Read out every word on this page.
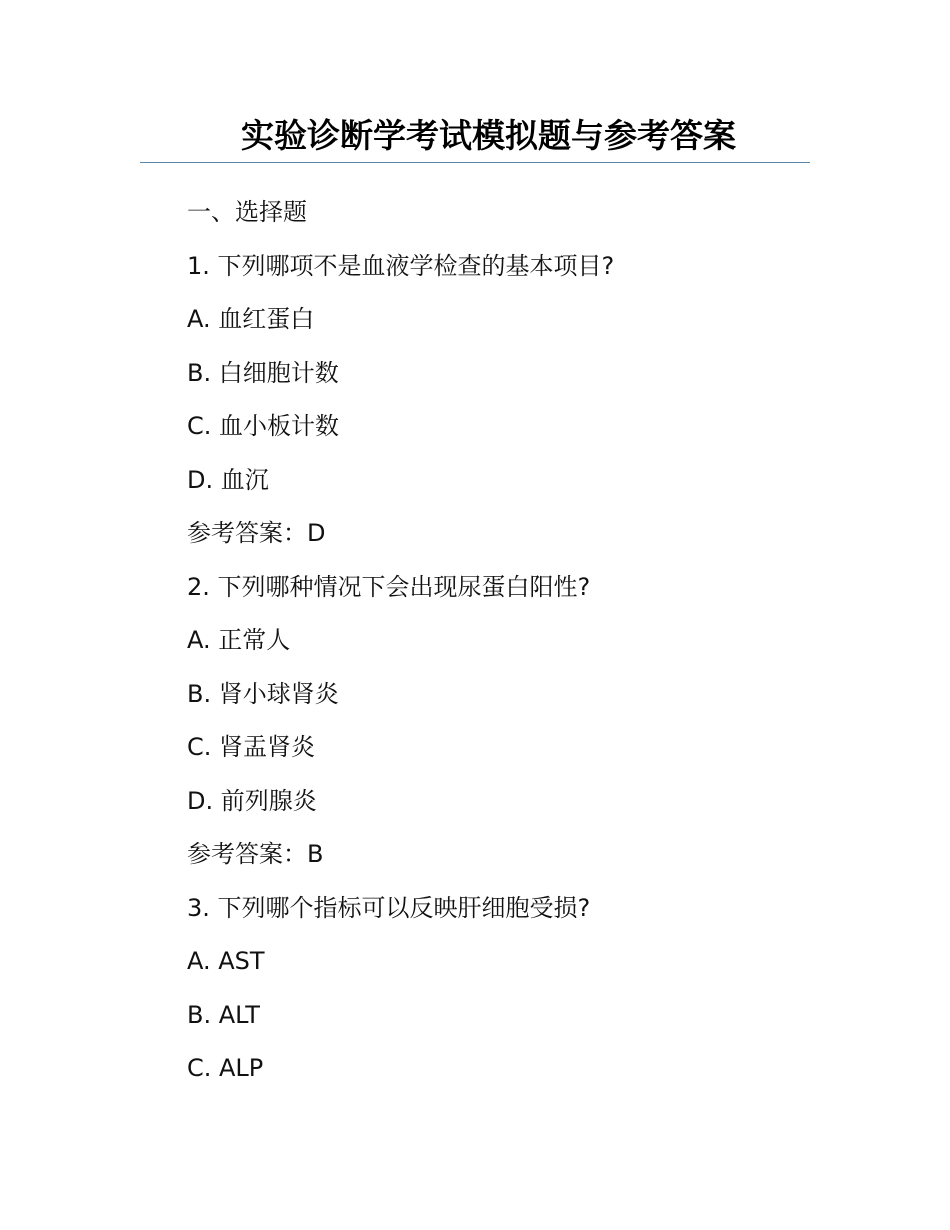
实验诊断学考试模拟题与参考答案
一、选择题
1. 下列哪项不是血液学检查的基本项目?
A. 血红蛋白
B. 白细胞计数
C. 血小板计数
D. 血沉
参考答案：D
2. 下列哪种情况下会出现尿蛋白阳性?
A. 正常人
B. 肾小球肾炎
C. 肾盂肾炎
D. 前列腺炎
参考答案：B
3. 下列哪个指标可以反映肝细胞受损?
A. AST
B. ALT
C. ALP
